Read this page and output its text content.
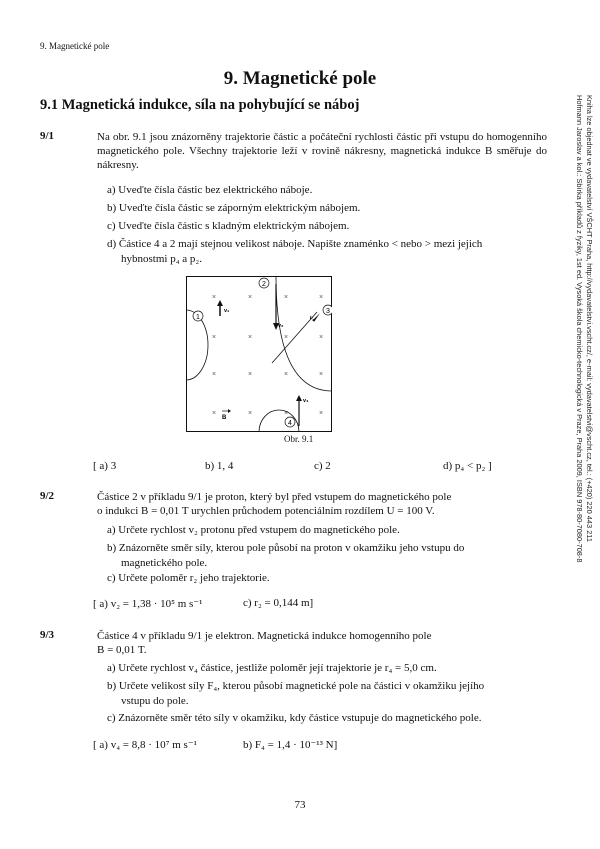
9. Magnetické pole
9. Magnetické pole
9.1 Magnetická indukce, síla na pohybující se náboj	Hofmann Jaroslav a kol.: Sbírka příkladů z fyziky, 1st ed. Vysoká škola chemicko-technologická v Praze, Praha 2009, ISBN 978-80-7080-708-8 Kniha lze objednat ve vydavatelství VŠCHT Praha, http://vydavatelstvi.vscht.cz/, e-mail: vydavatelstvi@vscht.cz, tel.: (+420) 220 443 211
9/1	Na obr. 9.1 jsou znázorněny trajektorie částic a počáteční rychlosti částic při vstupu do homogenního magnetického pole. Všechny trajektorie leží v rovině nákresny, magnetická indukce B směřuje do nákresny.
a) Uveďte čísla částic bez elektrického náboje.
b) Uveďte čísla částic se záporným elektrickým nábojem.
c) Uveďte čísla částic s kladným elektrickým nábojem.
d) Částice 4 a 2 mají stejnou velikost náboje. Napište znaménko < nebo > mezi jejich
hybnostmi p₄ a p₂.
×	×	×	×
×	×	×	×
×	×	×	×
×	×	×	×
v₁
1
2
v₂
3
v₃
B
v₄
4
Obr. 9.1
[ a) 3	b) 1, 4	c) 2	d) p₄ < p₂ ]
9/2	Částice 2 v příkladu 9/1 je proton, který byl před vstupem do magnetického pole
o indukci B = 0,01 T urychlen průchodem potenciálním rozdílem U = 100 V.
a) Určete rychlost v₂ protonu před vstupem do magnetického pole.
b) Znázorněte směr síly, kterou pole působí na proton v okamžiku jeho vstupu do
magnetického pole.
c) Určete poloměr r₂ jeho trajektorie.
[ a) v₂ = 1,38 · 10⁵ m s⁻¹	c) r₂ = 0,144 m]
9/3	Částice 4 v příkladu 9/1 je elektron. Magnetická indukce homogenního pole
B = 0,01 T.
a) Určete rychlost v₄ částice, jestliže poloměr její trajektorie je r₄ = 5,0 cm.
b) Určete velikost síly F₄, kterou působí magnetické pole na částici v okamžiku jejího
vstupu do pole.
c) Znázorněte směr této síly v okamžiku, kdy částice vstupuje do magnetického pole.
[ a) v₄ = 8,8 · 10⁷ m s⁻¹	b) F₄ = 1,4 · 10⁻¹³ N]
73
